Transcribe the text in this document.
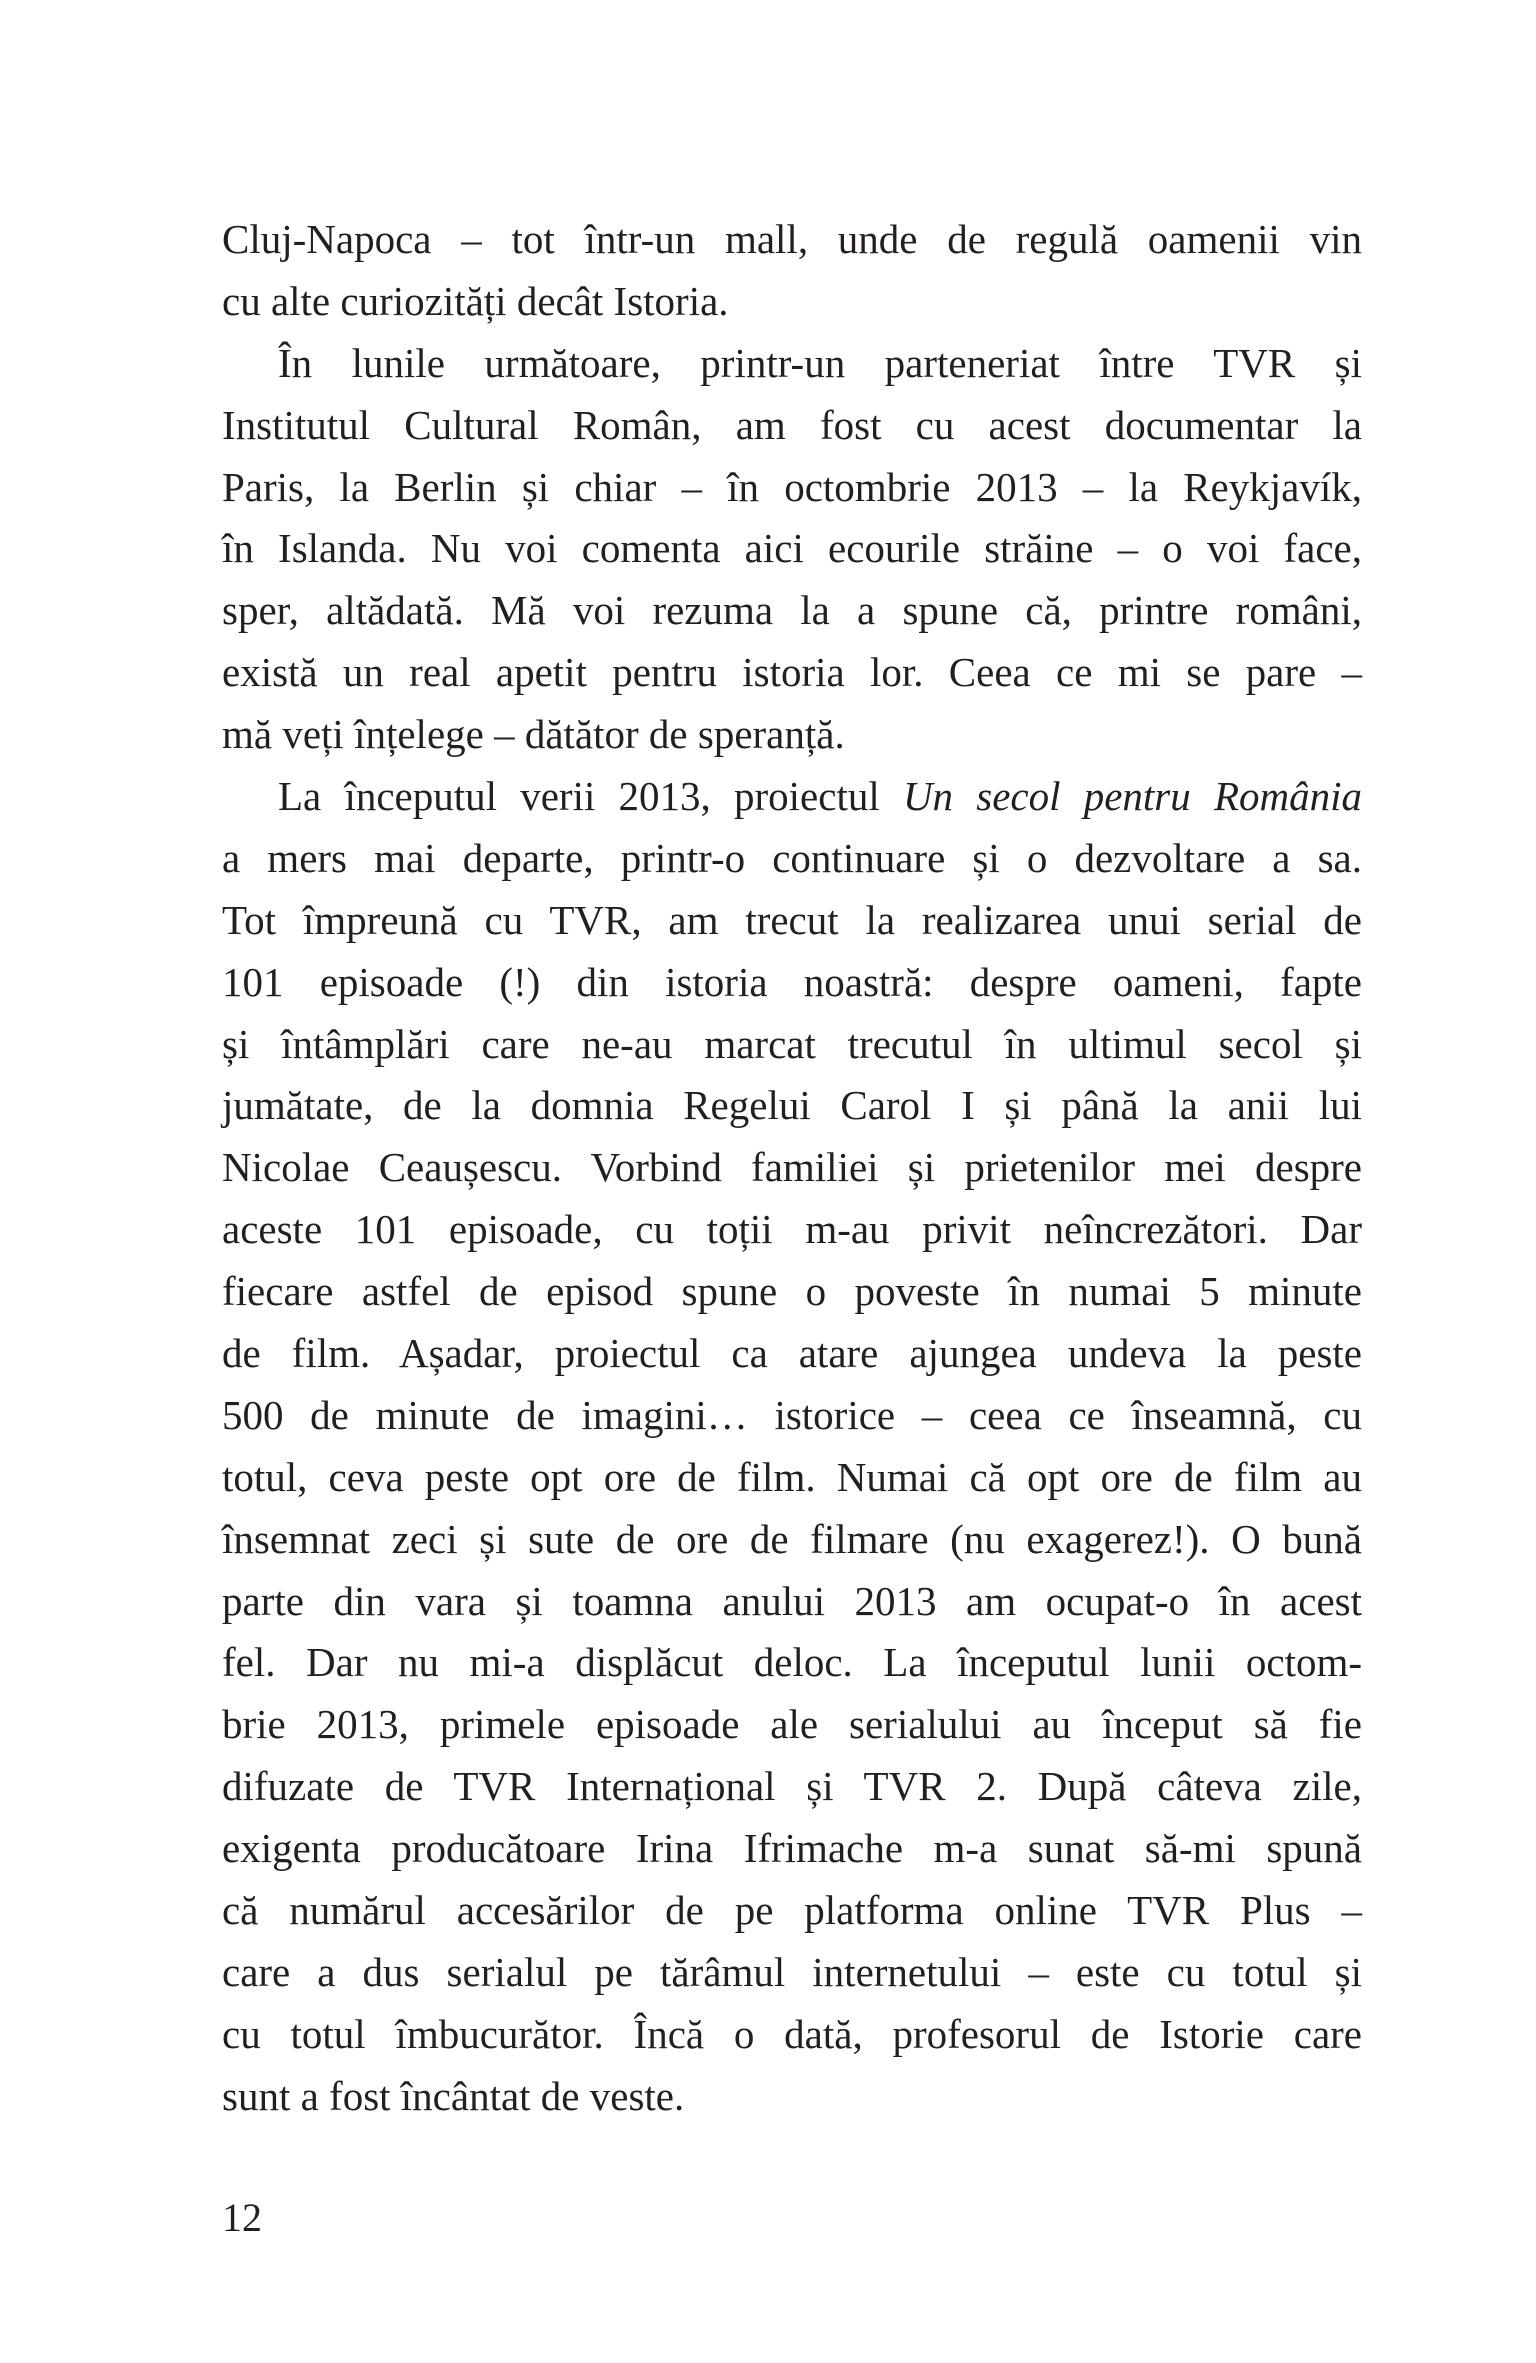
Cluj-Napoca – tot într-un mall, unde de regulă oamenii vin
cu alte curiozități decât Istoria.
În lunile următoare, printr-un parteneriat între TVR și
Institutul Cultural Român, am fost cu acest documentar la
Paris, la Berlin și chiar – în octombrie 2013 – la Reykjavík,
în Islanda. Nu voi comenta aici ecourile străine – o voi face,
sper, altădată. Mă voi rezuma la a spune că, printre români,
există un real apetit pentru istoria lor. Ceea ce mi se pare –
mă veți înțelege – dătător de speranță.
La începutul verii 2013, proiectul Un secol pentru România
a mers mai departe, printr-o continuare și o dezvoltare a sa.
Tot împreună cu TVR, am trecut la realizarea unui serial de
101 episoade (!) din istoria noastră: despre oameni, fapte
și întâmplări care ne-au marcat trecutul în ultimul secol și
jumătate, de la domnia Regelui Carol I și până la anii lui
Nicolae Ceaușescu. Vorbind familiei și prietenilor mei despre
aceste 101 episoade, cu toții m-au privit neîncrezători. Dar
fiecare astfel de episod spune o poveste în numai 5 minute
de film. Așadar, proiectul ca atare ajungea undeva la peste
500 de minute de imagini… istorice – ceea ce înseamnă, cu
totul, ceva peste opt ore de film. Numai că opt ore de film au
însemnat zeci și sute de ore de filmare (nu exagerez!). O bună
parte din vara și toamna anului 2013 am ocupat-o în acest
fel. Dar nu mi-a displăcut deloc. La începutul lunii octom-
brie 2013, primele episoade ale serialului au început să fie
difuzate de TVR Internațional și TVR 2. După câteva zile,
exigenta producătoare Irina Ifrimache m-a sunat să-mi spună
că numărul accesărilor de pe platforma online TVR Plus –
care a dus serialul pe tărâmul internetului – este cu totul și
cu totul îmbucurător. Încă o dată, profesorul de Istorie care
sunt a fost încântat de veste.
12
